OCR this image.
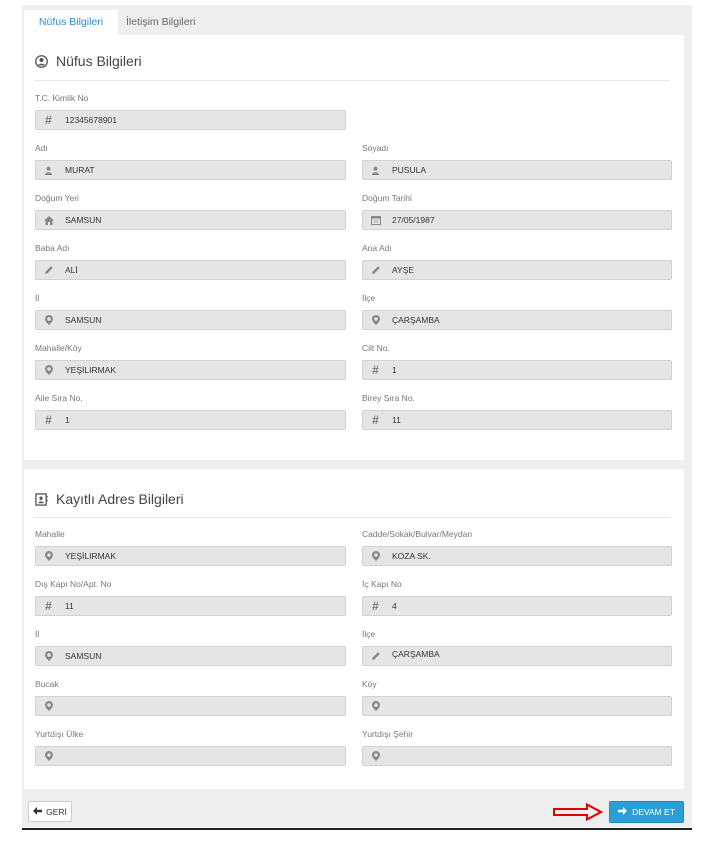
Nüfus Bilgileri	İletişim Bilgileri
Nüfus Bilgileri
T.C. Kimlik No
#	12345678901
Adı
MURAT
Soyadı
PUSULA
Doğum Yeri
SAMSUN
Doğum Tarihi
27/05/1987
Baba Adı
ALİ
Ana Adı
AYŞE
İl
SAMSUN
İlçe
ÇARŞAMBA
Mahalle/Köy
YEŞİLIRMAK
Cilt No.
#	1
Aile Sıra No.
#	1
Birey Sıra No.
#	11
Kayıtlı Adres Bilgileri
Mahalle
YEŞİLIRMAK
Cadde/Sokak/Bulvar/Meydan
KOZA SK.
Dış Kapı No/Apt. No
#	11
İç Kapı No
#	4
İl
SAMSUN
İlçe
ÇARŞAMBA
Bucak	Köy
Yurtdışı Ülke	Yurtdışı Şehir
GERİ	DEVAM ET
